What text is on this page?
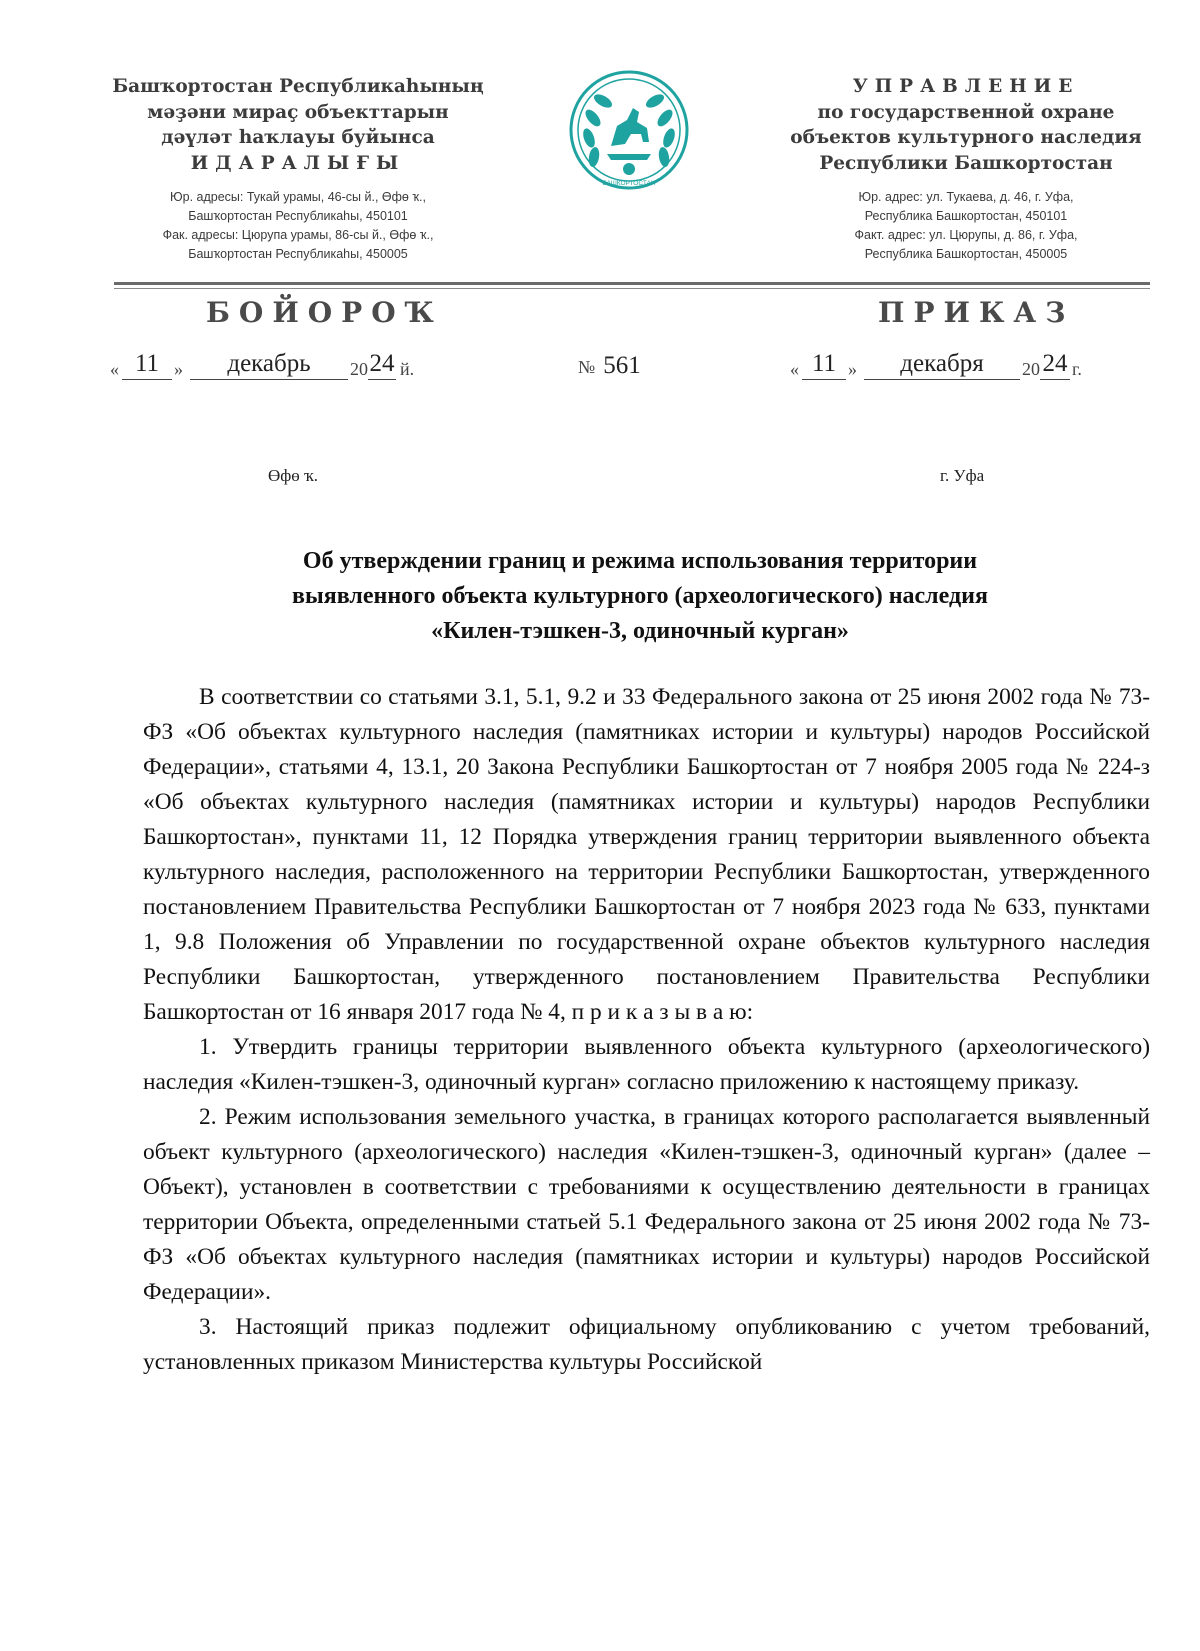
Башҡортостан Республикаһының
мәҙәни мираҫ объекттарын
дәүләт һаҡлауы буйынса
ИДАРАЛЫҒЫ
Юр. адресы: Тукай урамы, 46-сы й., Өфө ҡ.,
Башҡортостан Республикаһы, 450101
Фак. адресы: Цюрупа урамы, 86-сы й., Өфө ҡ.,
Башҡортостан Республикаһы, 450005
БАШКОРТОСТАН
УПРАВЛЕНИЕ
по государственной охране
объектов культурного наследия
Республики Башкортостан
Юр. адрес: ул. Тукаева, д. 46, г. Уфа,
Республика Башкортостан, 450101
Факт. адрес: ул. Цюрупы, д. 86, г. Уфа,
Республика Башкортостан, 450005
БОЙОРОҠ	ПРИКАЗ
« 11 »	декабрь	20 24 й.	№ 561	« 11 »	декабря	20 24 г.
Өфө ҡ.	г. Уфа
Об утверждении границ и режима использования территории
выявленного объекта культурного (археологического) наследия
«Килен-тэшкен-3, одиночный курган»

В соответствии со статьями 3.1, 5.1, 9.2 и 33 Федерального закона от 25 июня 2002 года № 73-ФЗ «Об объектах культурного наследия (памятниках истории и культуры) народов Российской Федерации», статьями 4, 13.1, 20 Закона Республики Башкортостан от 7 ноября 2005 года № 224-з «Об объектах культурного наследия (памятниках истории и культуры) народов Республики Башкортостан», пунктами 11, 12 Порядка утверждения границ территории выявленного объекта культурного наследия, расположенного на территории Республики Башкортостан, утвержденного постановлением Правительства Республики Башкортостан от 7 ноября 2023 года № 633, пунктами 1, 9.8 Положения об Управлении по государственной охране объектов культурного наследия Республики Башкортостан, утвержденного постановлением Правительства Республики Башкортостан от 16 января 2017 года № 4, п р и к а з ы в а ю:

1. Утвердить границы территории выявленного объекта культурного (археологического) наследия «Килен-тэшкен-3, одиночный курган» согласно приложению к настоящему приказу.

2. Режим использования земельного участка, в границах которого располагается выявленный объект культурного (археологического) наследия «Килен-тэшкен-3, одиночный курган» (далее – Объект), установлен в соответствии с требованиями к осуществлению деятельности в границах территории Объекта, определенными статьей 5.1 Федерального закона от 25 июня 2002 года № 73-ФЗ «Об объектах культурного наследия (памятниках истории и культуры) народов Российской Федерации».

3. Настоящий приказ подлежит официальному опубликованию с учетом требований, установленных приказом Министерства культуры Российской
